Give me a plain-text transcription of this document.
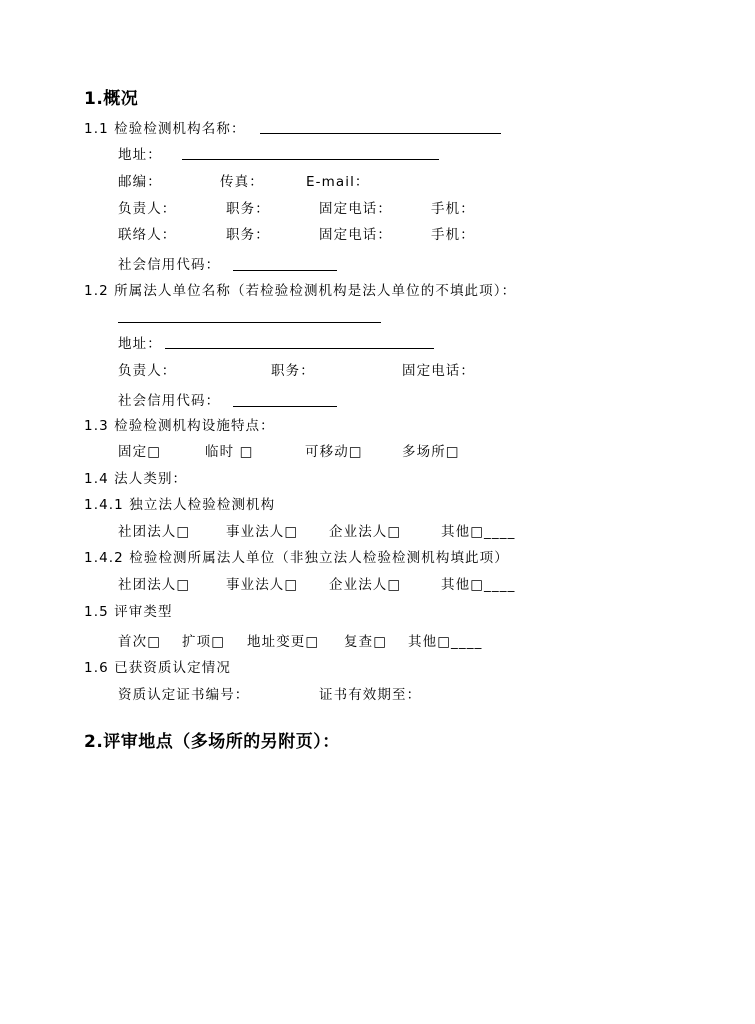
1.概况
1.1 检验检测机构名称：
地址：
邮编：	传真：	E-mail：
负责人：	职务：	固定电话：	手机：
联络人：	职务：	固定电话：	手机：
社会信用代码：
1.2 所属法人单位名称（若检验检测机构是法人单位的不填此项）：
地址：
负责人：	职务：	固定电话：
社会信用代码：
1.3 检验检测机构设施特点：
固定□	临时 □	可移动□	多场所□
1.4 法人类别：
1.4.1 独立法人检验检测机构
社团法人□	事业法人□ 企业法人□	其他□____
1.4.2 检验检测所属法人单位（非独立法人检验检测机构填此项）
社团法人□	事业法人□ 企业法人□	其他□____
1.5 评审类型
首次□ 扩项□ 地址变更□ 复查□ 其他□____
1.6 已获资质认定情况
资质认定证书编号：	证书有效期至：
2.评审地点（多场所的另附页）：
